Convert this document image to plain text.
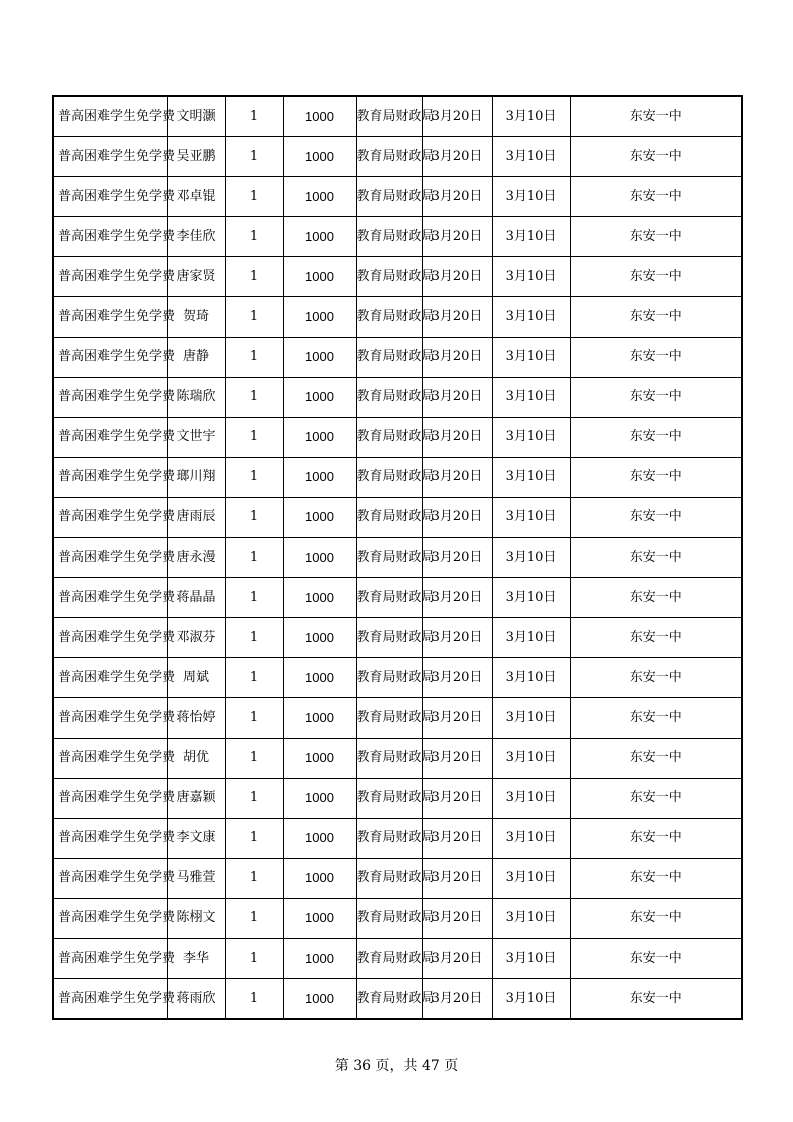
普高困难学生免学费	文明灏	1	1000	教育局财政局	3月20日	3月10日	东安一中
普高困难学生免学费	吴亚鹏	1	1000	教育局财政局	3月20日	3月10日	东安一中
普高困难学生免学费	邓卓锟	1	1000	教育局财政局	3月20日	3月10日	东安一中
普高困难学生免学费	李佳欣	1	1000	教育局财政局	3月20日	3月10日	东安一中
普高困难学生免学费	唐家贤	1	1000	教育局财政局	3月20日	3月10日	东安一中
普高困难学生免学费	贺琦	1	1000	教育局财政局	3月20日	3月10日	东安一中
普高困难学生免学费	唐静	1	1000	教育局财政局	3月20日	3月10日	东安一中
普高困难学生免学费	陈瑞欣	1	1000	教育局财政局	3月20日	3月10日	东安一中
普高困难学生免学费	文世宇	1	1000	教育局财政局	3月20日	3月10日	东安一中
普高困难学生免学费	瑯川翔	1	1000	教育局财政局	3月20日	3月10日	东安一中
普高困难学生免学费	唐雨辰	1	1000	教育局财政局	3月20日	3月10日	东安一中
普高困难学生免学费	唐永漫	1	1000	教育局财政局	3月20日	3月10日	东安一中
普高困难学生免学费	蒋晶晶	1	1000	教育局财政局	3月20日	3月10日	东安一中
普高困难学生免学费	邓淑芬	1	1000	教育局财政局	3月20日	3月10日	东安一中
普高困难学生免学费	周斌	1	1000	教育局财政局	3月20日	3月10日	东安一中
普高困难学生免学费	蒋怡婷	1	1000	教育局财政局	3月20日	3月10日	东安一中
普高困难学生免学费	胡优	1	1000	教育局财政局	3月20日	3月10日	东安一中
普高困难学生免学费	唐嘉颖	1	1000	教育局财政局	3月20日	3月10日	东安一中
普高困难学生免学费	李文康	1	1000	教育局财政局	3月20日	3月10日	东安一中
普高困难学生免学费	马雅萱	1	1000	教育局财政局	3月20日	3月10日	东安一中
普高困难学生免学费	陈栩文	1	1000	教育局财政局	3月20日	3月10日	东安一中
普高困难学生免学费	李华	1	1000	教育局财政局	3月20日	3月10日	东安一中
普高困难学生免学费	蒋雨欣	1	1000	教育局财政局	3月20日	3月10日	东安一中
第 36 页，共 47 页
